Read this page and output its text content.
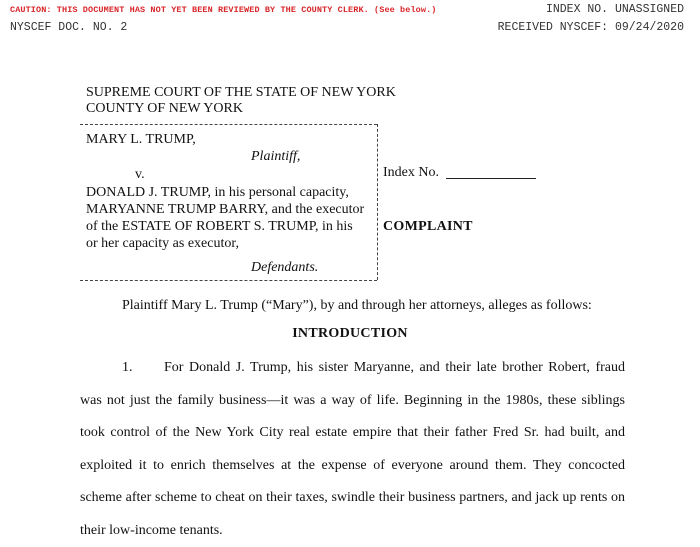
CAUTION: THIS DOCUMENT HAS NOT YET BEEN REVIEWED BY THE COUNTY CLERK. (See below.)	INDEX NO. UNASSIGNED
NYSCEF DOC. NO. 2	RECEIVED NYSCEF: 09/24/2020
SUPREME COURT OF THE STATE OF NEW YORK
COUNTY OF NEW YORK
MARY L. TRUMP,
Plaintiff,
v.
DONALD J. TRUMP, in his personal capacity,
MARYANNE TRUMP BARRY, and the executor
of the ESTATE OF ROBERT S. TRUMP, in his
or her capacity as executor,
Defendants.
Index No.
COMPLAINT
Plaintiff Mary L. Trump (“Mary”), by and through her attorneys, alleges as follows:
INTRODUCTION
1. For Donald J. Trump, his sister Maryanne, and their late brother Robert, fraud was not just the family business—it was a way of life. Beginning in the 1980s, these siblings took control of the New York City real estate empire that their father Fred Sr. had built, and exploited it to enrich themselves at the expense of everyone around them. They concocted scheme after scheme to cheat on their taxes, swindle their business partners, and jack up rents on their low-income tenants.
